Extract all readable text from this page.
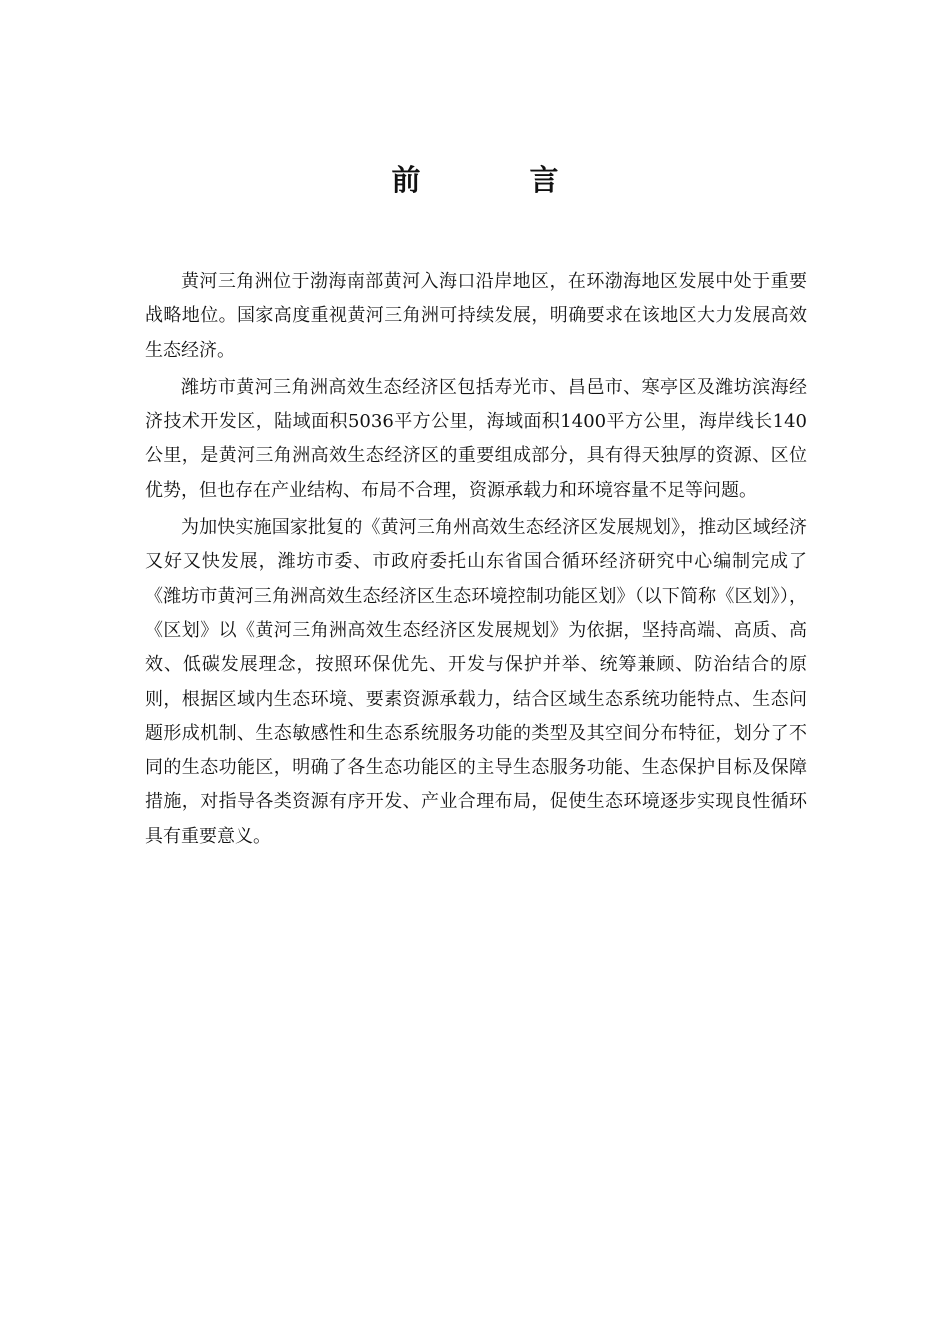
前　言

黄河三角洲位于渤海南部黄河入海口沿岸地区，在环渤海地区发展中处于重要战略地位。国家高度重视黄河三角洲可持续发展，明确要求在该地区大力发展高效生态经济。

潍坊市黄河三角洲高效生态经济区包括寿光市、昌邑市、寒亭区及潍坊滨海经济技术开发区，陆域面积5036平方公里，海域面积1400平方公里，海岸线长140公里，是黄河三角洲高效生态经济区的重要组成部分，具有得天独厚的资源、区位优势，但也存在产业结构、布局不合理，资源承载力和环境容量不足等问题。

为加快实施国家批复的《黄河三角州高效生态经济区发展规划》，推动区域经济又好又快发展，潍坊市委、市政府委托山东省国合循环经济研究中心编制完成了《潍坊市黄河三角洲高效生态经济区生态环境控制功能区划》（以下简称《区划》），《区划》以《黄河三角洲高效生态经济区发展规划》为依据，坚持高端、高质、高效、低碳发展理念，按照环保优先、开发与保护并举、统筹兼顾、防治结合的原则，根据区域内生态环境、要素资源承载力，结合区域生态系统功能特点、生态问题形成机制、生态敏感性和生态系统服务功能的类型及其空间分布特征，划分了不同的生态功能区，明确了各生态功能区的主导生态服务功能、生态保护目标及保障措施，对指导各类资源有序开发、产业合理布局，促使生态环境逐步实现良性循环具有重要意义。
